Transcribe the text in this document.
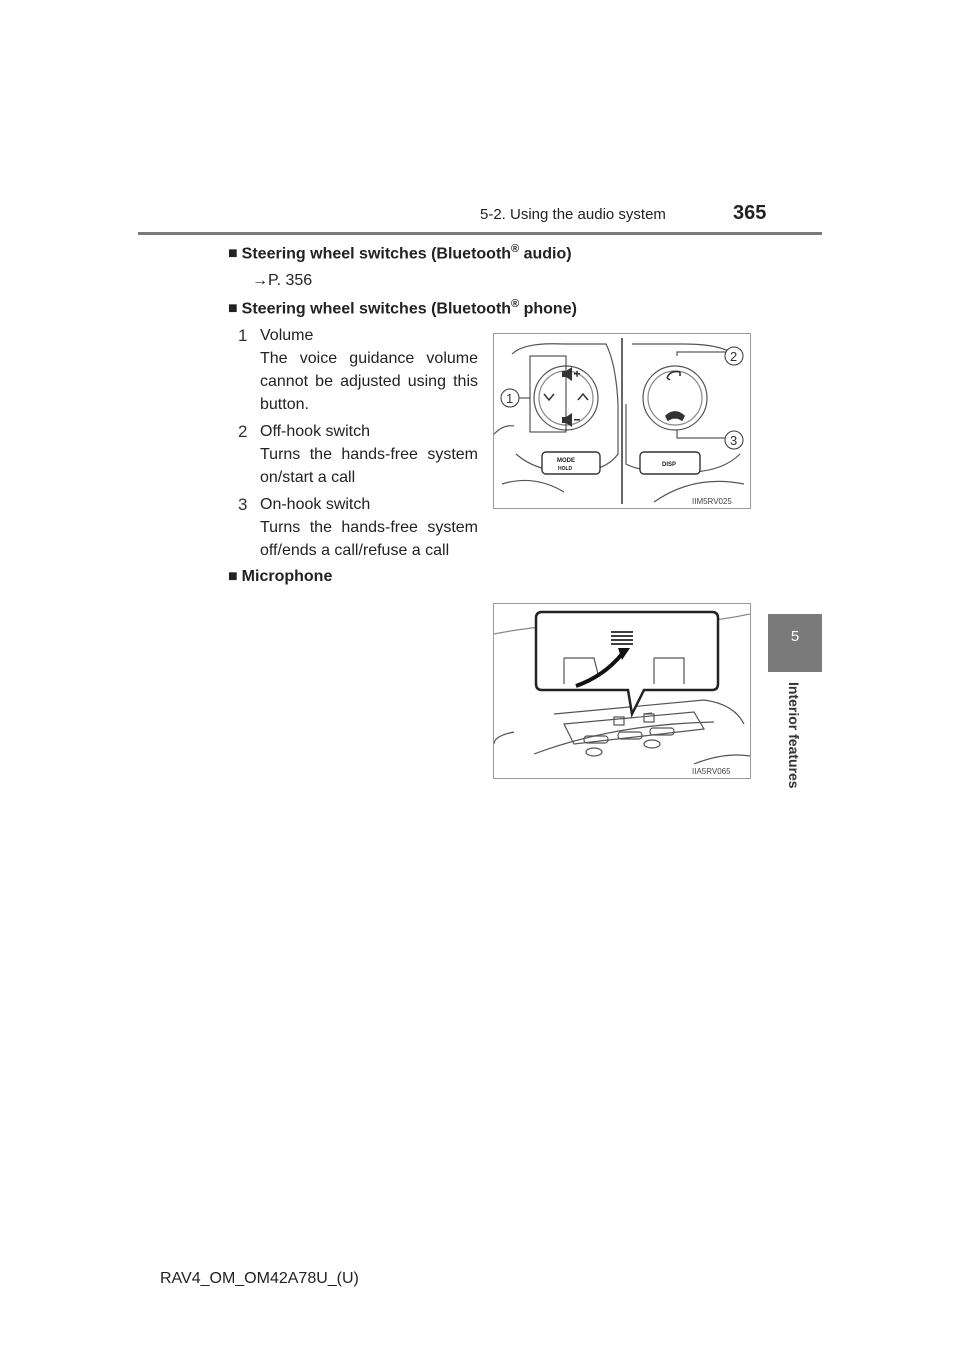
5-2. Using the audio system	365
5
Interior features
■ Steering wheel switches (Bluetooth® audio)
→P. 356
■ Steering wheel switches (Bluetooth® phone)
1 Volume
The voice guidance volume cannot be adjusted using this button.
2 Off-hook switch
Turns the hands-free system on/start a call
3 On-hook switch
Turns the hands-free system off/ends a call/refuse a call
1
2
3
MODE
HOLD
DISP
IIM5RV025
■ Microphone
IIA5RV065
RAV4_OM_OM42A78U_(U)
